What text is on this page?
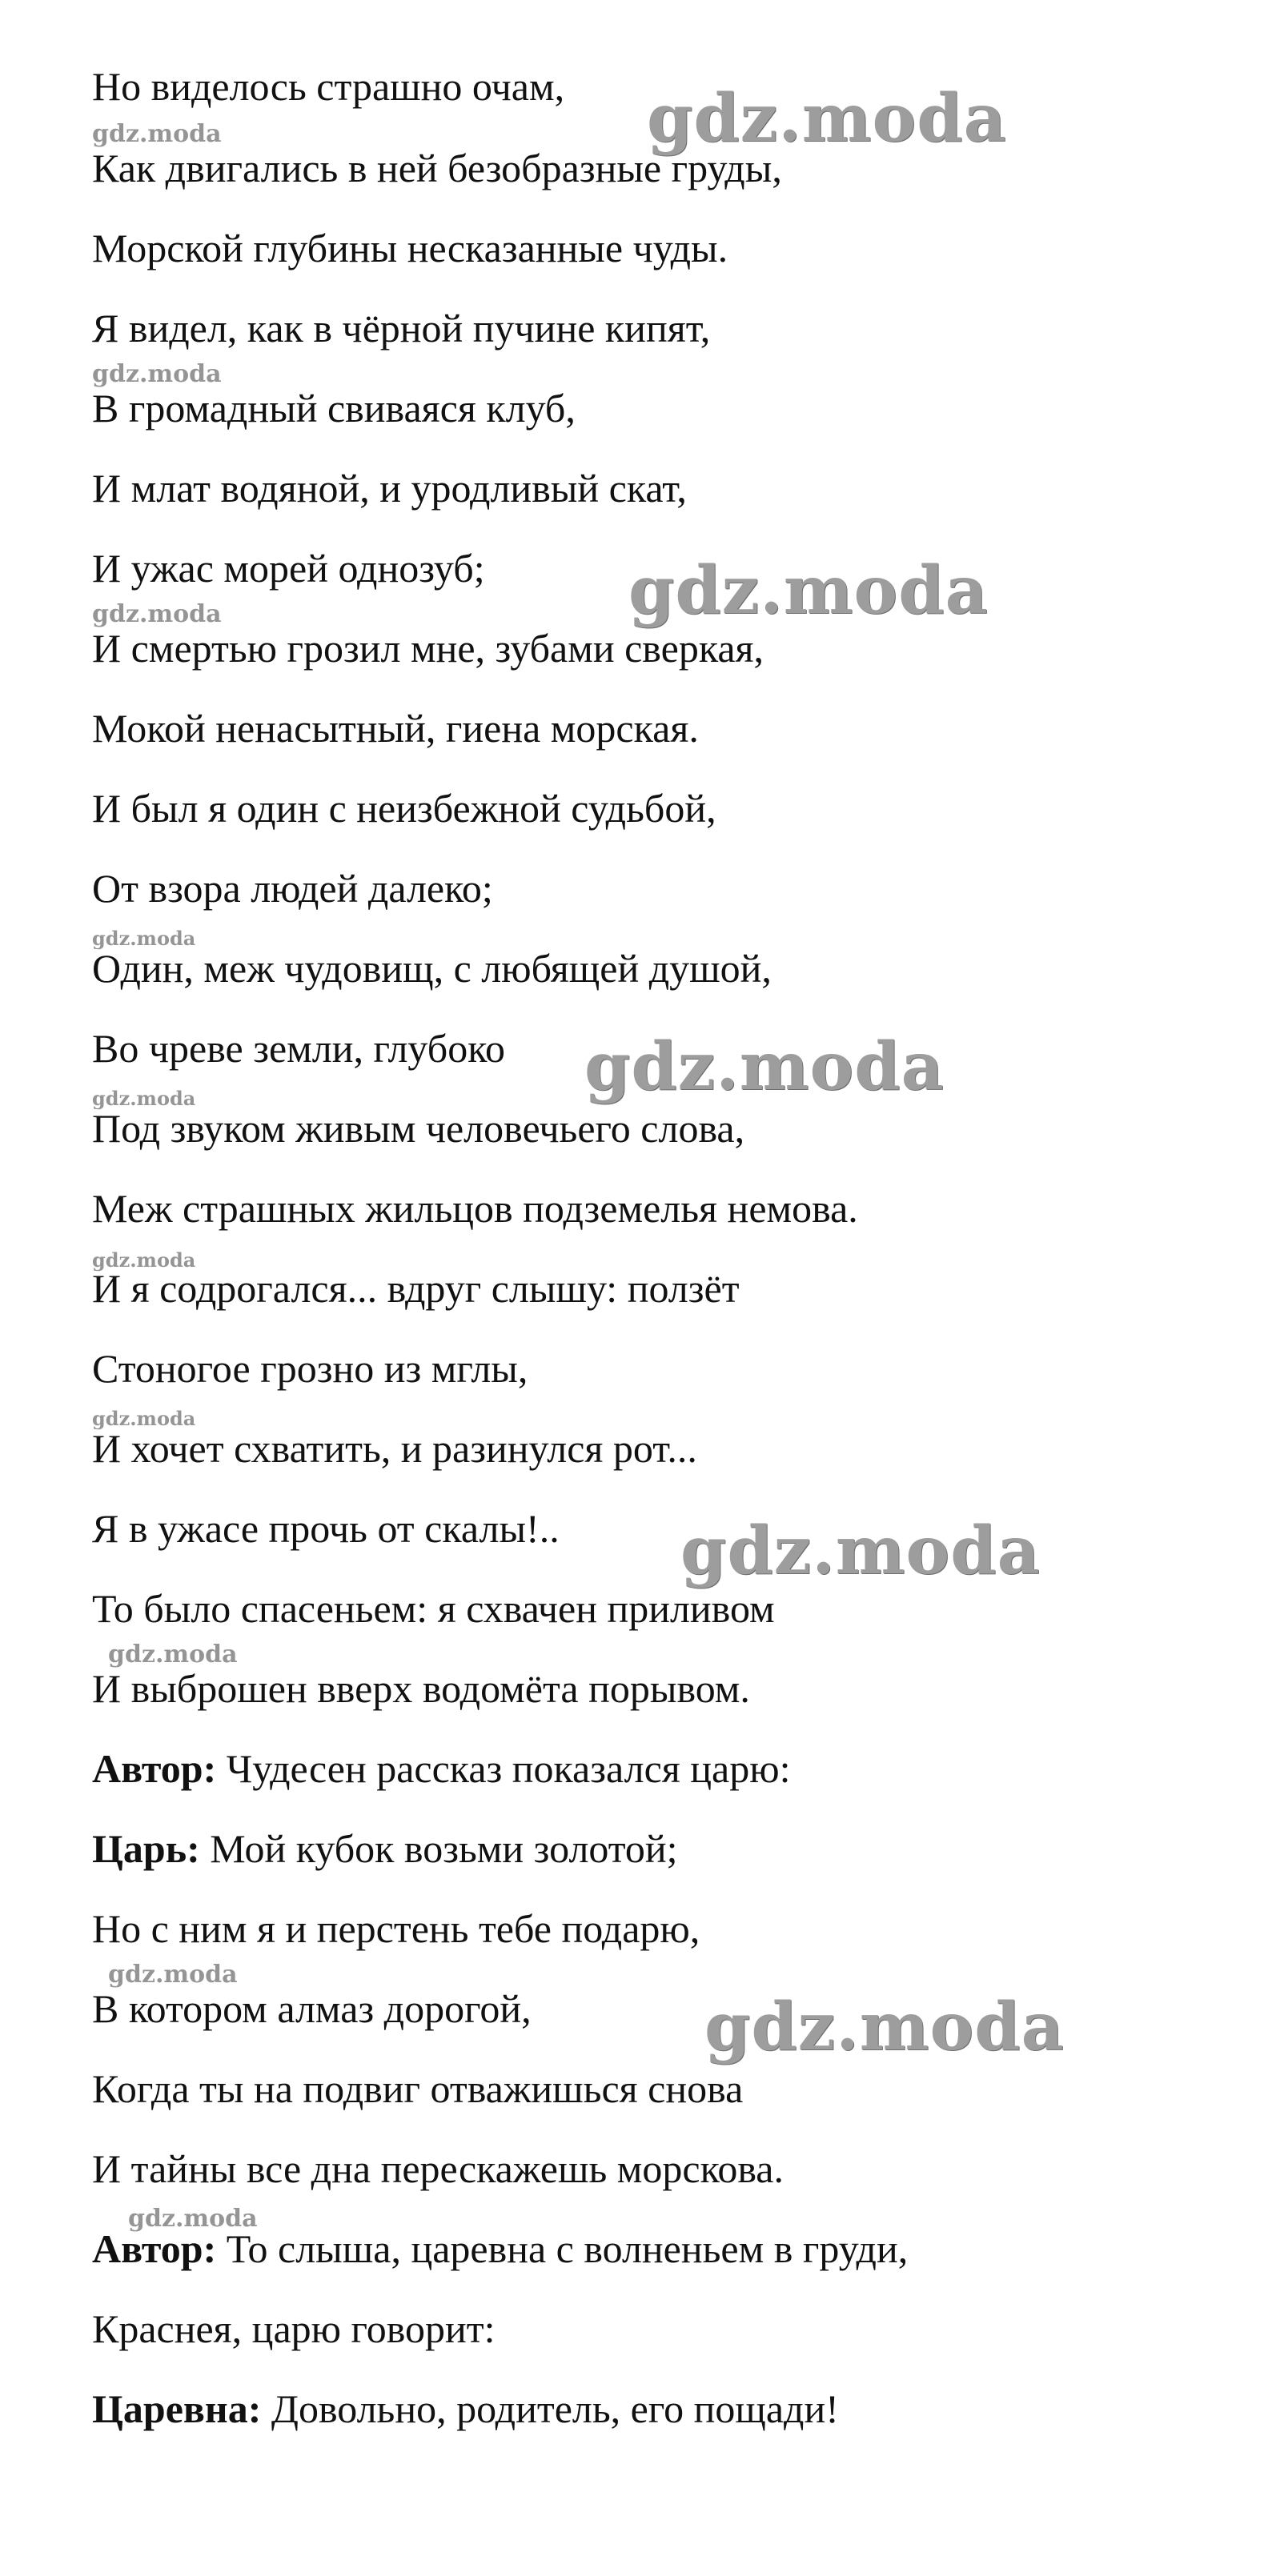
Но виделось страшно очам,
Как двигались в ней безобразные груды,
Морской глубины несказанные чуды.
Я видел, как в чёрной пучине кипят,
В громадный свиваяся клуб,
И млат водяной, и уродливый скат,
И ужас морей однозуб;
И смертью грозил мне, зубами сверкая,
Мокой ненасытный, гиена морская.
И был я один с неизбежной судьбой,
От взора людей далеко;
Один, меж чудовищ, с любящей душой,
Во чреве земли, глубоко
Под звуком живым человечьего слова,
Меж страшных жильцов подземелья немова.
И я содрогался... вдруг слышу: ползёт
Стоногое грозно из мглы,
И хочет схватить, и разинулся рот...
Я в ужасе прочь от скалы!..
То было спасеньем: я схвачен приливом
И выброшен вверх водомёта порывом.
Автор: Чудесен рассказ показался царю:
Царь: Мой кубок возьми золотой;
Но с ним я и перстень тебе подарю,
В котором алмаз дорогой,
Когда ты на подвиг отважишься снова
И тайны все дна перескажешь морскова.
Автор: То слыша, царевна с волненьем в груди,
Краснея, царю говорит:
Царевна: Довольно, родитель, его пощади!
gdz.moda
gdz.moda
gdz.moda
gdz.moda
gdz.moda
gdz.moda
gdz.moda
gdz.moda
gdz.moda
gdz.moda
gdz.moda
gdz.moda
gdz.moda
gdz.moda
gdz.moda
